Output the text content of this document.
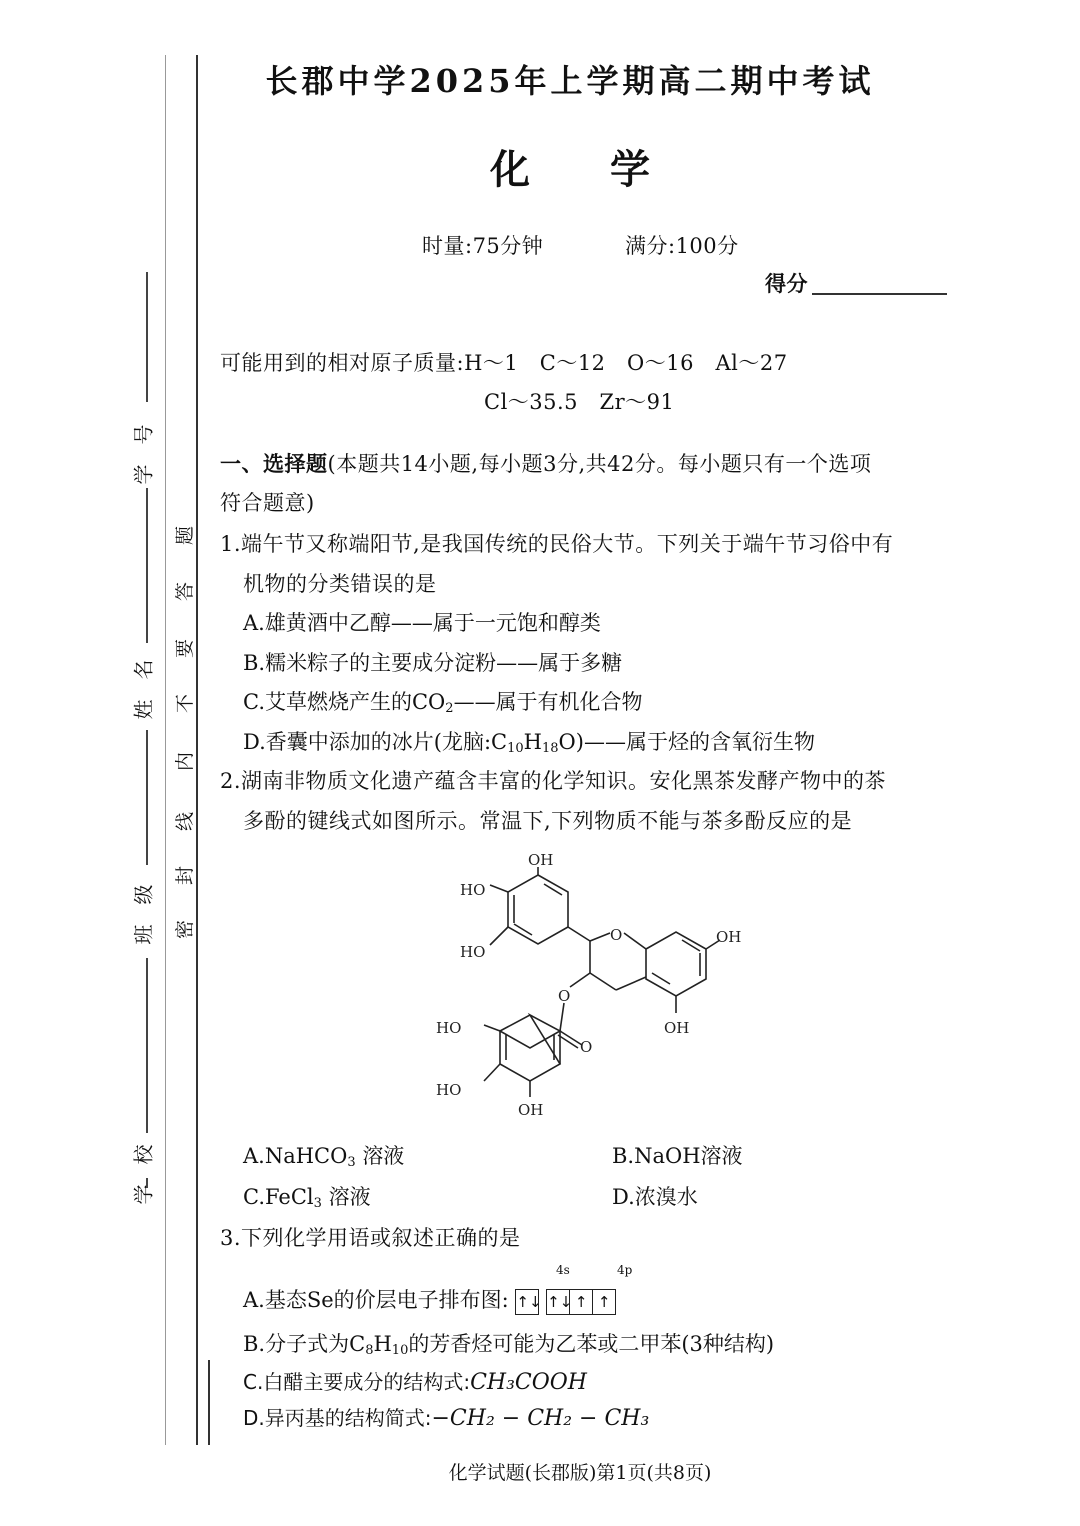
学　号
姓　名
班　级
学　校
题
答
要
不
内
线
封
密
长郡中学2025年上学期高二期中考试
化　　学
时量:75分钟	满分:100分
得分
可能用到的相对原子质量:H～1　C～12　O～16　Al～27
Cl～35.5　Zr～91
一、选择题(本题共14小题,每小题3分,共42分。每小题只有一个选项
符合题意)
1.端午节又称端阳节,是我国传统的民俗大节。下列关于端午节习俗中有
机物的分类错误的是
A.雄黄酒中乙醇——属于一元饱和醇类
B.糯米粽子的主要成分淀粉——属于多糖
C.艾草燃烧产生的$CO_2——$属于有机化合物
D.香囊中添加的冰片(龙脑$:C_{10}H_{18}O)——$属于烃的含氧衍生物
2.湖南非物质文化遗产蕴含丰富的化学知识。安化黑茶发酵产物中的茶
多酚的键线式如图所示。常温下,下列物质不能与茶多酚反应的是
OH
HO
HO
O	OH
OH
O
O
HO
HO
OH
A.NaHCO$_3$ 溶液	B.NaOH溶液
C.FeCl$_3$ 溶液	D.浓溴水
3.下列化学用语或叙述正确的是
4s	4p
A.基态Se的价层电子排布图: ↑↓ ↑↓ ↑ ↑
B.分子式为$C_8H_{10}$的芳香烃可能为乙苯或二甲苯(3种结构)
C.白醋主要成分的结构式:CH₃COOH
D.异丙基的结构简式:−CH₂ − CH₂ − CH₃
化学试题(长郡版)第1页(共8页)
